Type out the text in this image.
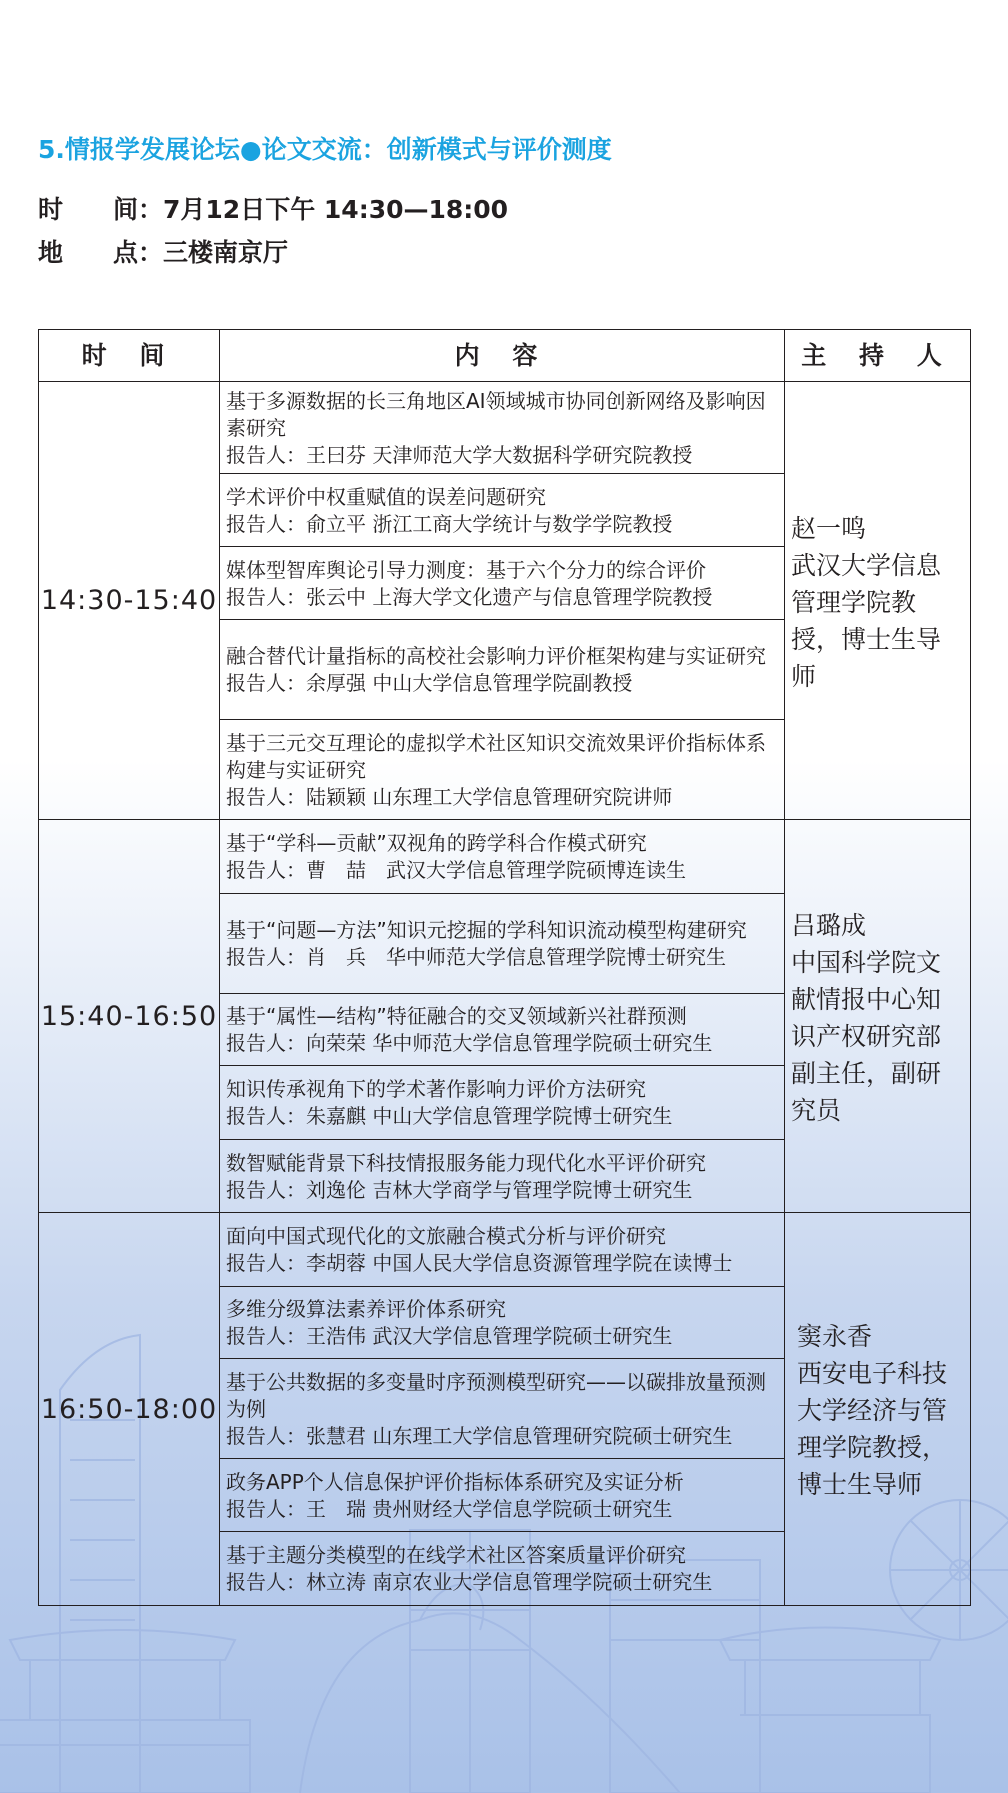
5.情报学发展论坛●论文交流：创新模式与评价测度
时　　间：7月12日下午 14:30—18:00
地　　点：三楼南京厅
时 间	内 容	主 持 人
14:30-15:40	基于多源数据的长三角地区AI领域城市协同创新网络及影响因素研究
报告人：王曰芬 天津师范大学大数据科学研究院教授	赵一鸣
武汉大学信息管理学院教授，博士生导师

	学术评价中权重赋值的误差问题研究
报告人：俞立平 浙江工商大学统计与数学学院教授	

	媒体型智库舆论引导力测度：基于六个分力的综合评价
报告人：张云中 上海大学文化遗产与信息管理学院教授	

	融合替代计量指标的高校社会影响力评价框架构建与实证研究
报告人：余厚强 中山大学信息管理学院副教授	

	基于三元交互理论的虚拟学术社区知识交流效果评价指标体系构建与实证研究
报告人：陆颖颖 山东理工大学信息管理研究院讲师	

15:40-16:50	基于“学科—贡献”双视角的跨学科合作模式研究
报告人：曹　喆　武汉大学信息管理学院硕博连读生	吕璐成
中国科学院文献情报中心知识产权研究部副主任，副研究员

	基于“问题—方法”知识元挖掘的学科知识流动模型构建研究
报告人：肖　兵　华中师范大学信息管理学院博士研究生	

	基于“属性—结构”特征融合的交叉领域新兴社群预测
报告人：向荣荣 华中师范大学信息管理学院硕士研究生	

	知识传承视角下的学术著作影响力评价方法研究
报告人：朱嘉麒 中山大学信息管理学院博士研究生	

	数智赋能背景下科技情报服务能力现代化水平评价研究
报告人：刘逸伦 吉林大学商学与管理学院博士研究生	

16:50-18:00	面向中国式现代化的文旅融合模式分析与评价研究
报告人：李胡蓉 中国人民大学信息资源管理学院在读博士	窦永香
西安电子科技大学经济与管理学院教授，博士生导师

	多维分级算法素养评价体系研究
报告人：王浩伟 武汉大学信息管理学院硕士研究生	

	基于公共数据的多变量时序预测模型研究——以碳排放量预测为例
报告人：张慧君 山东理工大学信息管理研究院硕士研究生	

	政务APP个人信息保护评价指标体系研究及实证分析
报告人：王　瑞 贵州财经大学信息学院硕士研究生	

	基于主题分类模型的在线学术社区答案质量评价研究
报告人：林立涛 南京农业大学信息管理学院硕士研究生	
